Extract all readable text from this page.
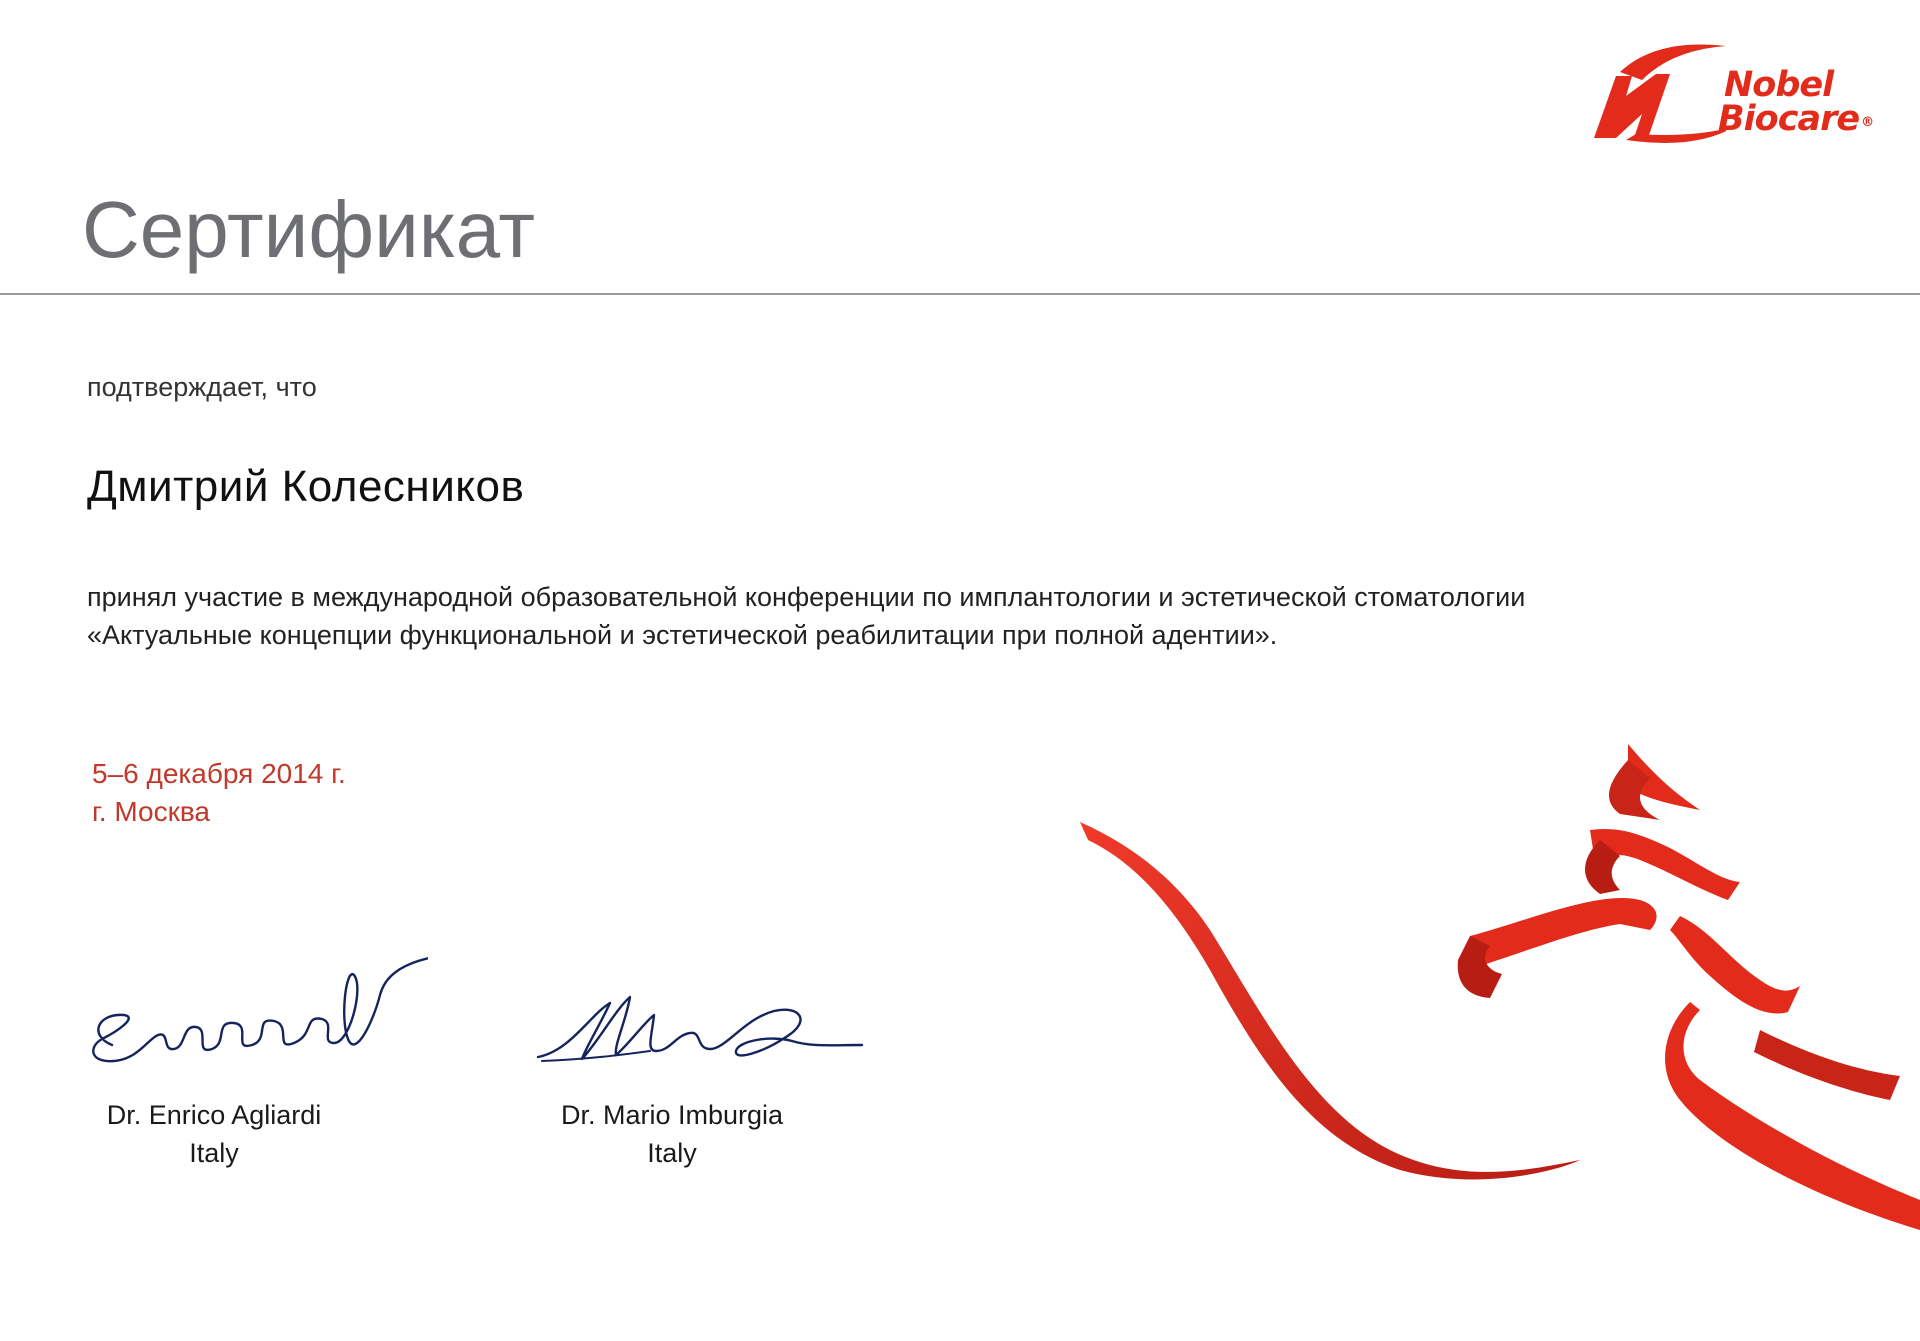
Nobel
Biocare ®
Сертификат
подтверждает, что
Дмитрий Колесников
принял участие в международной образовательной конференции по имплантологии и эстетической стоматологии
«Актуальные концепции функциональной и эстетической реабилитации при полной адентии».
5–6 декабря 2014 г.
г. Москва
Dr. Enrico Agliardi
Italy
Dr. Mario Imburgia
Italy
